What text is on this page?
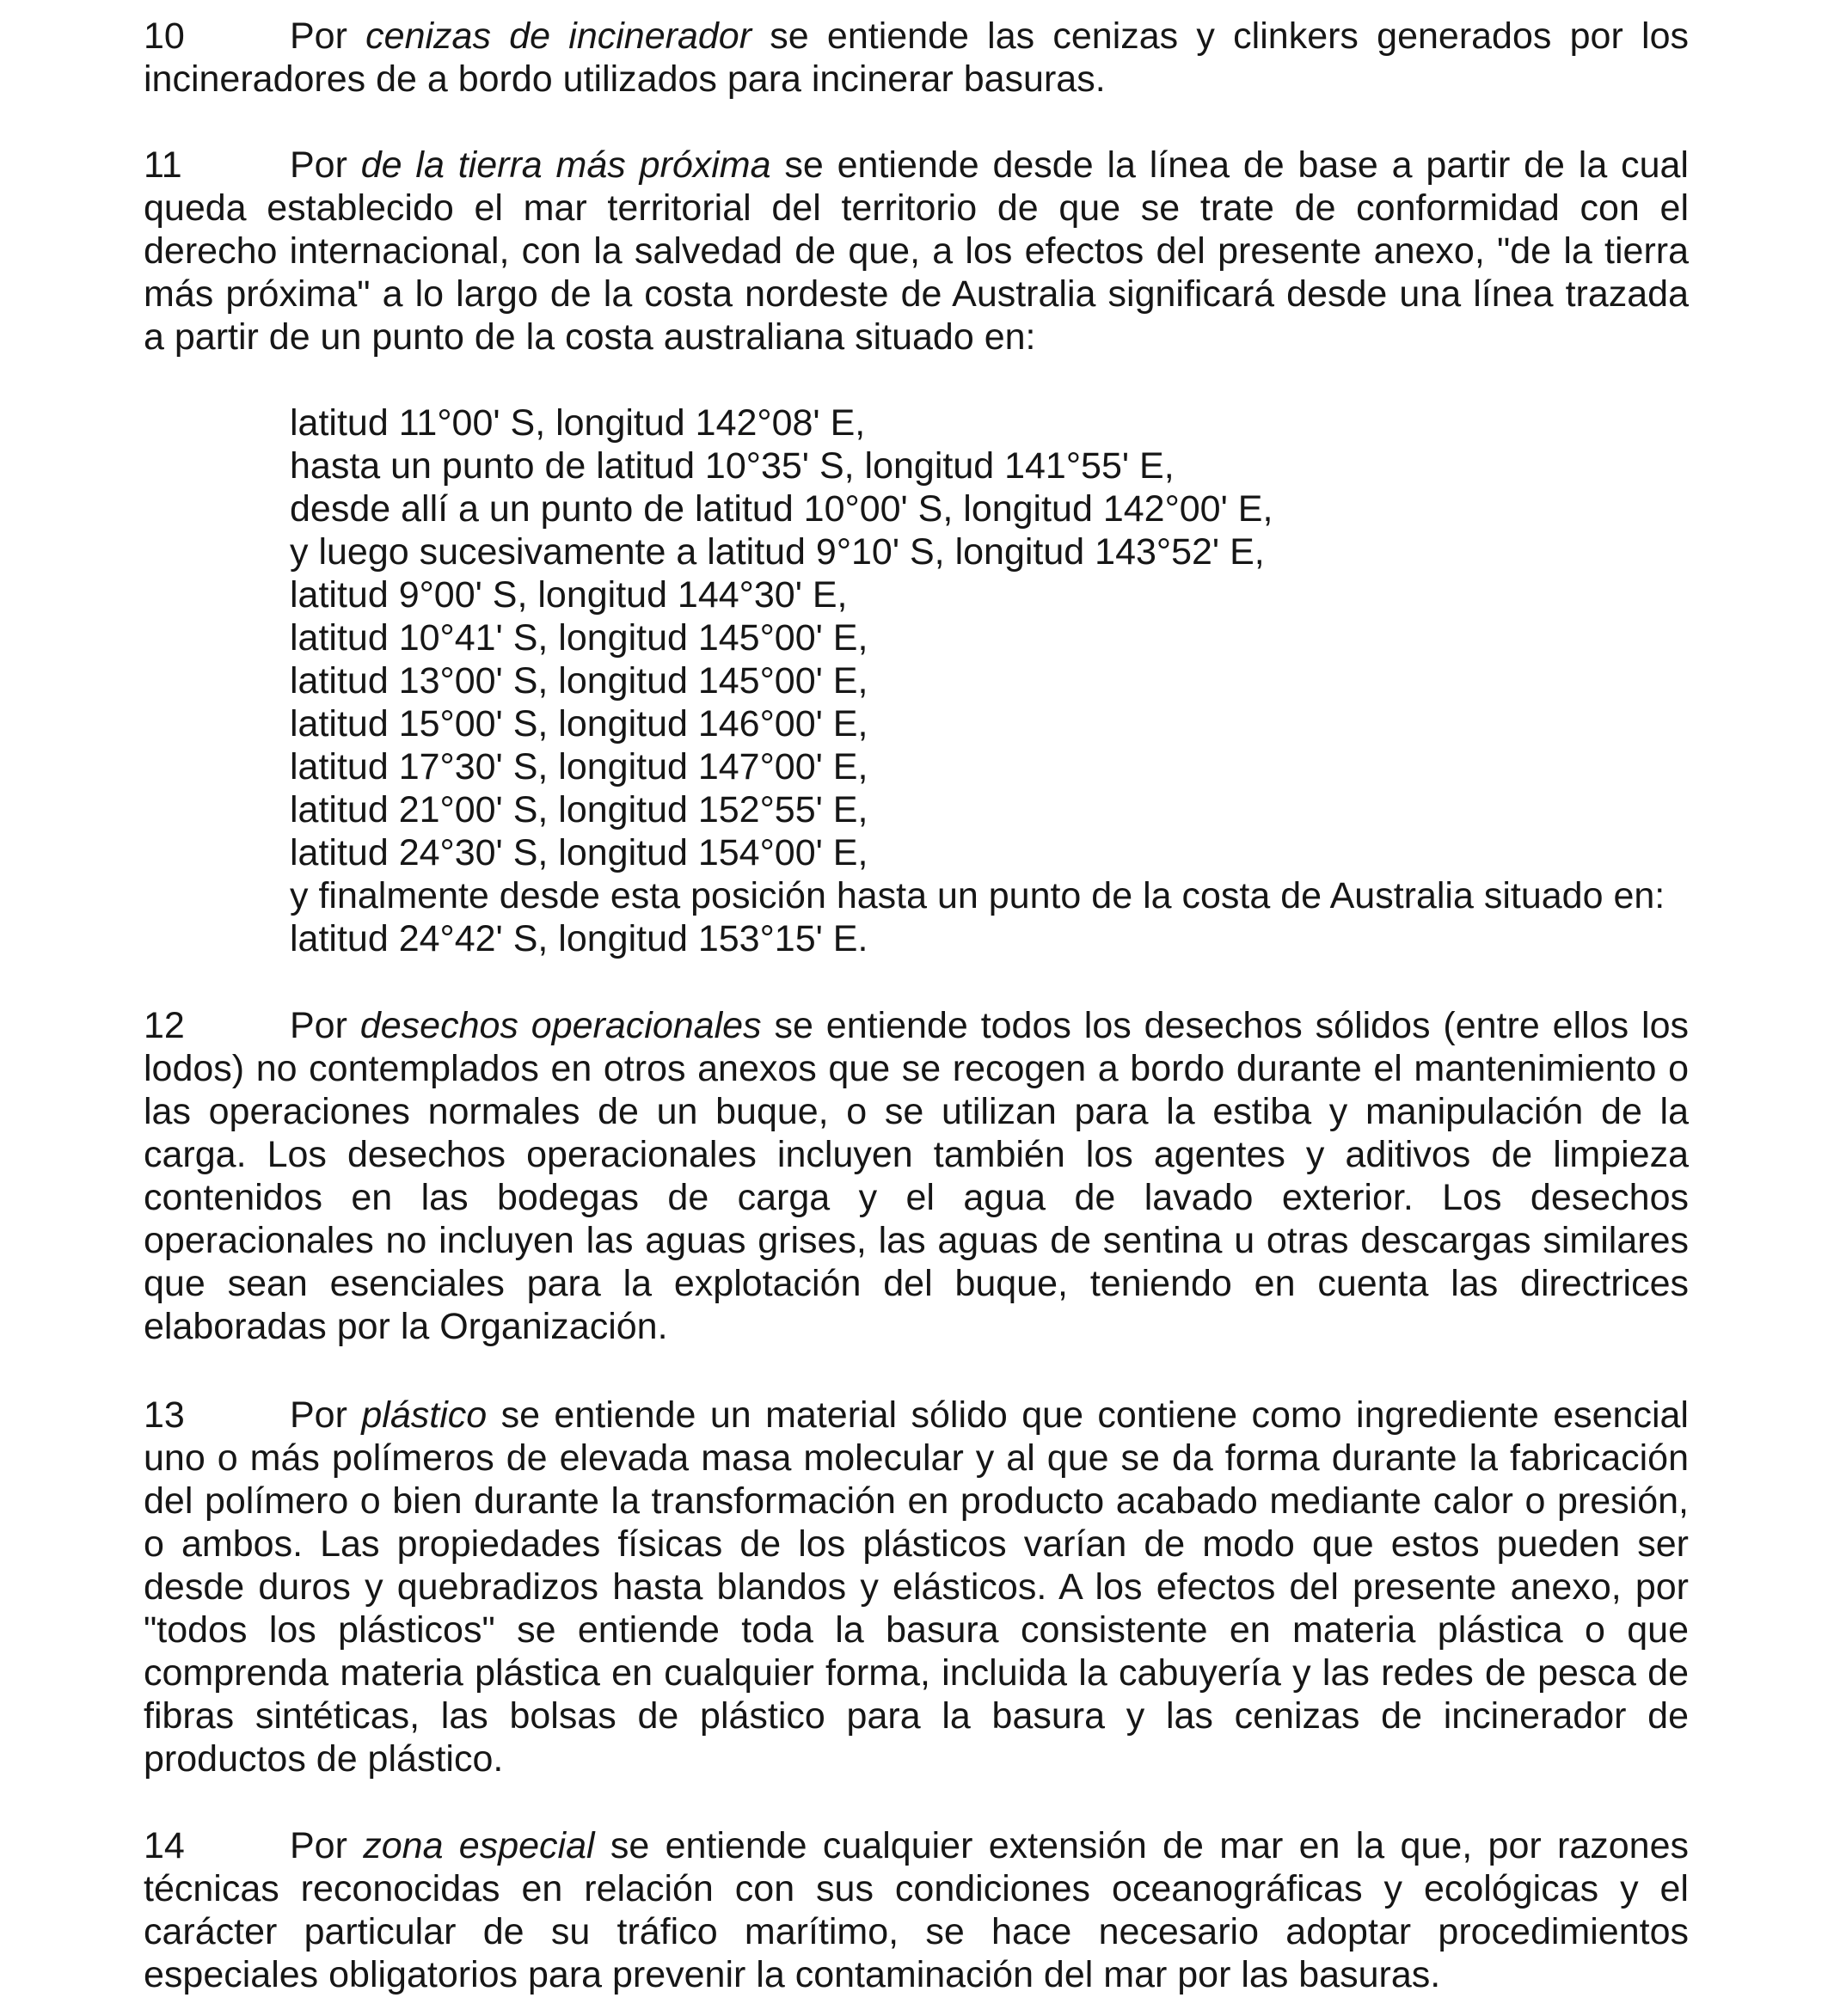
10	Por cenizas de incinerador se entiende las cenizas y clinkers generados por los incineradores de a bordo utilizados para incinerar basuras.

11	Por de la tierra más próxima se entiende desde la línea de base a partir de la cual queda establecido el mar territorial del territorio de que se trate de conformidad con el derecho internacional, con la salvedad de que, a los efectos del presente anexo, "de la tierra más próxima" a lo largo de la costa nordeste de Australia significará desde una línea trazada a partir de un punto de la costa australiana situado en:

latitud 11°00' S, longitud 142°08' E,
hasta un punto de latitud 10°35' S, longitud 141°55' E,
desde allí a un punto de latitud 10°00' S, longitud 142°00' E,
y luego sucesivamente a latitud 9°10' S, longitud 143°52' E,
latitud 9°00' S, longitud 144°30' E,
latitud 10°41' S, longitud 145°00' E,
latitud 13°00' S, longitud 145°00' E,
latitud 15°00' S, longitud 146°00' E,
latitud 17°30' S, longitud 147°00' E,
latitud 21°00' S, longitud 152°55' E,
latitud 24°30' S, longitud 154°00' E,
y finalmente desde esta posición hasta un punto de la costa de Australia situado en:
latitud 24°42' S, longitud 153°15' E.

12	Por desechos operacionales se entiende todos los desechos sólidos (entre ellos los lodos) no contemplados en otros anexos que se recogen a bordo durante el mantenimiento o las operaciones normales de un buque, o se utilizan para la estiba y manipulación de la carga. Los desechos operacionales incluyen también los agentes y aditivos de limpieza contenidos en las bodegas de carga y el agua de lavado exterior. Los desechos operacionales no incluyen las aguas grises, las aguas de sentina u otras descargas similares que sean esenciales para la explotación del buque, teniendo en cuenta las directrices elaboradas por la Organización.

13	Por plástico se entiende un material sólido que contiene como ingrediente esencial uno o más polímeros de elevada masa molecular y al que se da forma durante la fabricación del polímero o bien durante la transformación en producto acabado mediante calor o presión, o ambos. Las propiedades físicas de los plásticos varían de modo que estos pueden ser desde duros y quebradizos hasta blandos y elásticos. A los efectos del presente anexo, por "todos los plásticos" se entiende toda la basura consistente en materia plástica o que comprenda materia plástica en cualquier forma, incluida la cabuyería y las redes de pesca de fibras sintéticas, las bolsas de plástico para la basura y las cenizas de incinerador de productos de plástico.

14	Por zona especial se entiende cualquier extensión de mar en la que, por razones técnicas reconocidas en relación con sus condiciones oceanográficas y ecológicas y el carácter particular de su tráfico marítimo, se hace necesario adoptar procedimientos especiales obligatorios para prevenir la contaminación del mar por las basuras.
